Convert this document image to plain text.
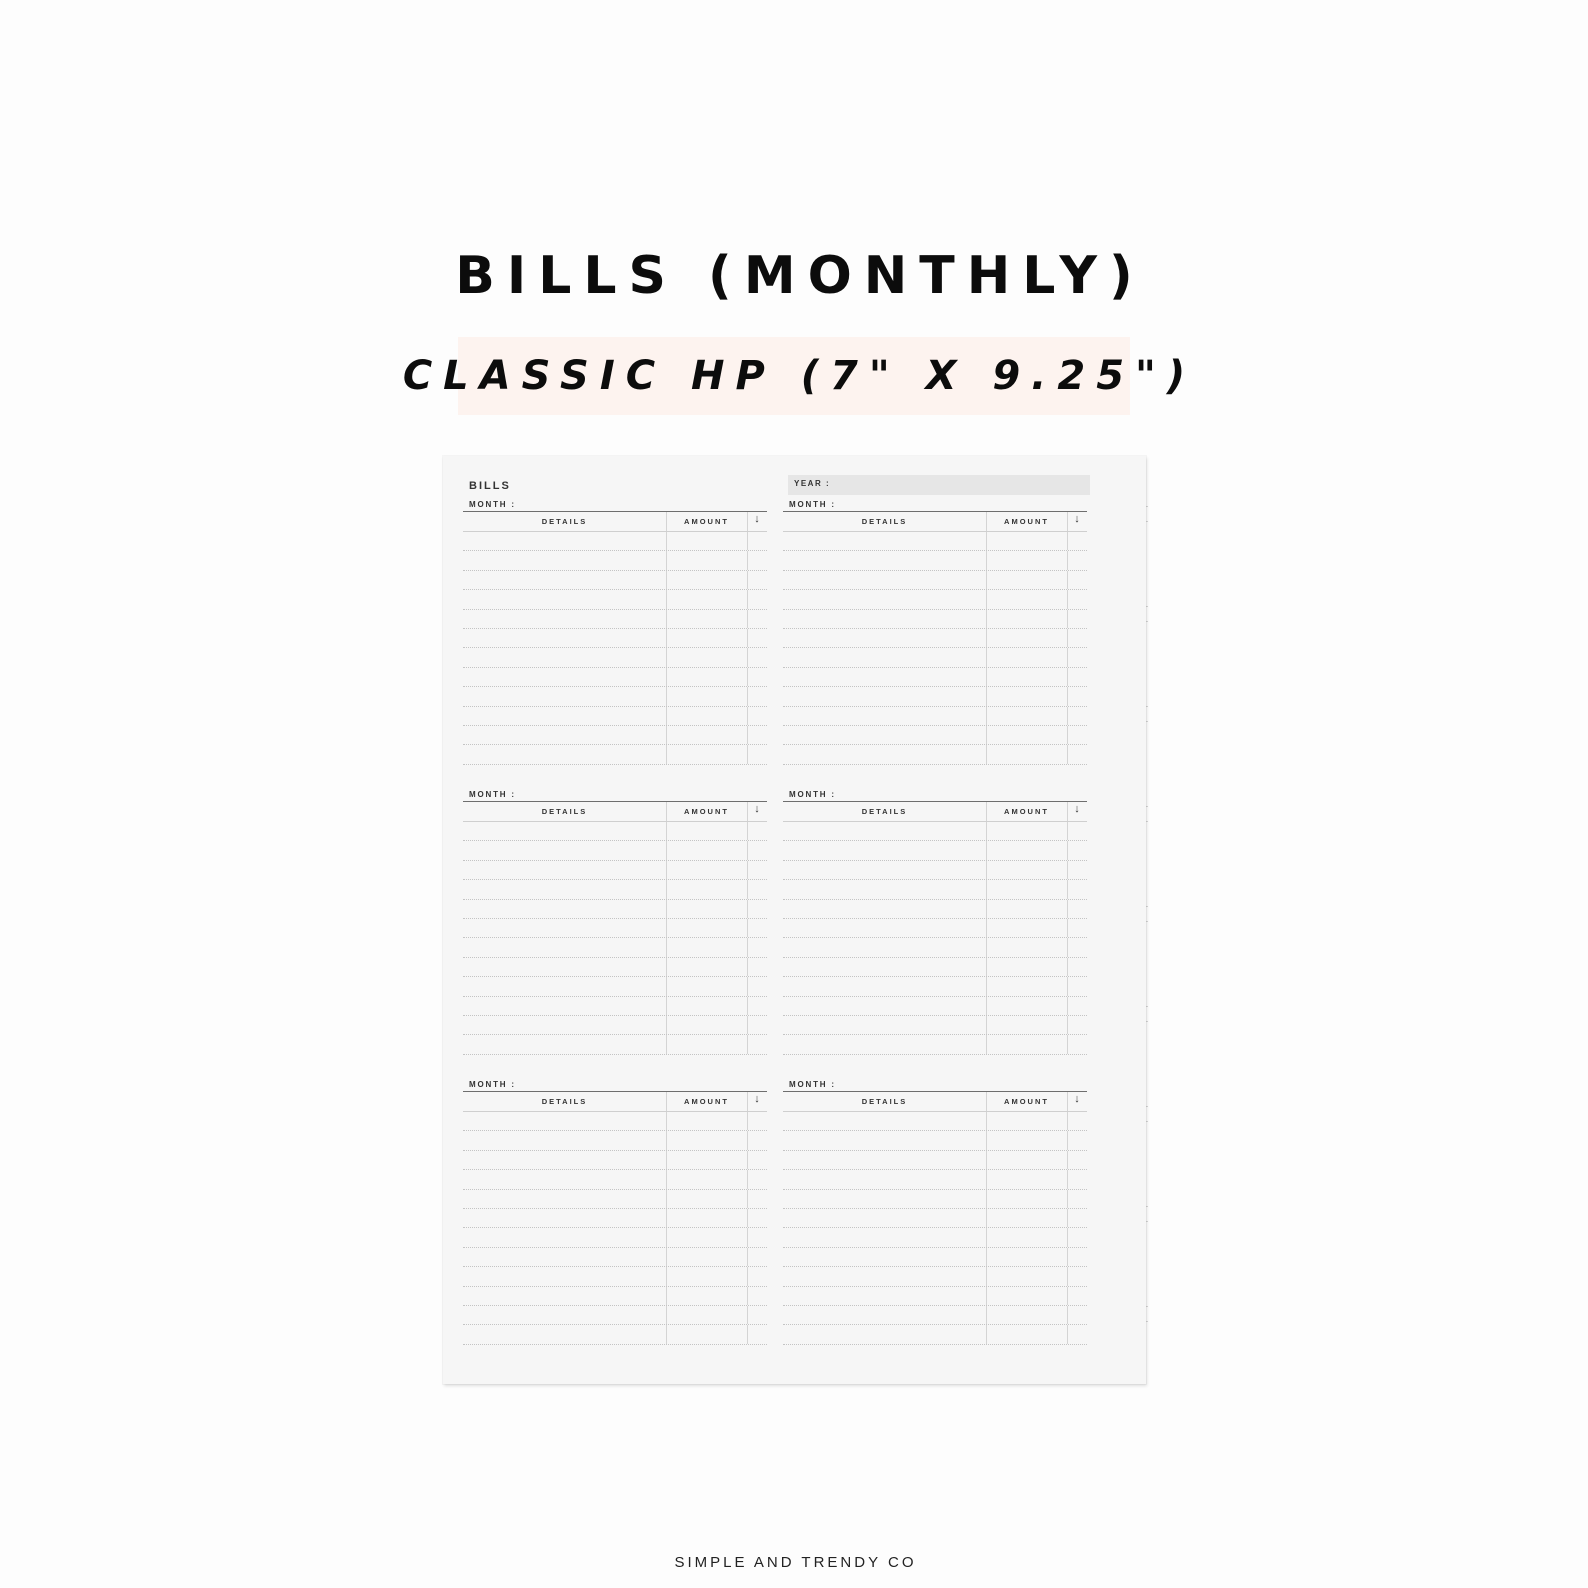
BILLS (MONTHLY)
CLASSIC HP (7" X 9.25")
BILLS	YEAR :
MONTH :
DETAILS	AMOUNT	↓
MONTH :
DETAILS	AMOUNT	↓
MONTH :
DETAILS	AMOUNT	↓
MONTH :
DETAILS	AMOUNT	↓
MONTH :
DETAILS	AMOUNT	↓
MONTH :
DETAILS	AMOUNT	↓
SIMPLE AND TRENDY CO
